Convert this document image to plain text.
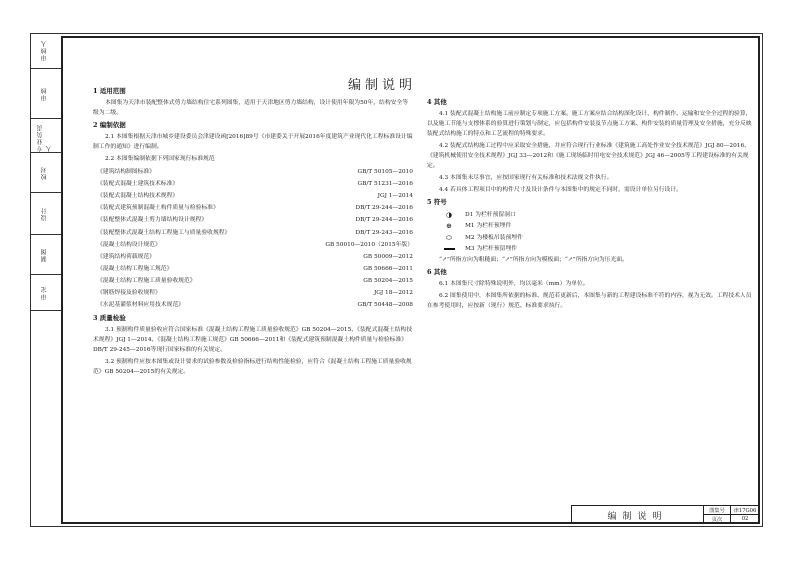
审核人
审核
专业负责人
校对
设计
制图
审定
编制说明
1 适用范围
本图集为天津市装配整体式剪力墙结构住宅系列图集，适用于天津地区剪力墙结构，设计使用年限为50年，结构安全等级为二级。
2 编制依据
2.1 本图集根据天津市城乡建设委员会津建设函[2016]89号《市建委关于开展2016年度建筑产业现代化工程标准设计编制工作的通知》进行编制。
2.2 本图集编制依据下列国家现行标准规范
《建筑结构制图标准》	GB/T 50105—2010
《装配式混凝土建筑技术标准》	GB/T 51231—2016
《装配式混凝土结构技术规程》	JGJ 1—2014
《装配式建筑预制混凝土构件质量与检验标准》	DB/T 29-244—2016
《装配整体式混凝土剪力墙结构设计规程》	DB/T 29-244—2016
《装配整体式混凝土结构工程施工与质量验收规程》	DB/T 29-243—2016
《混凝土结构设计规范》	GB 50010—2010（2015年版）
《建筑结构荷载规范》	GB 50009—2012
《混凝土结构工程施工规范》	GB 50666—2011
《混凝土结构工程施工质量验收规范》	GB 50204—2015
《钢筋焊接及验收规程》	JGJ 18—2012
《水泥基灌浆材料应用技术规范》	GB/T 50448—2008
3 质量检验
3.1 预制构件质量验收应符合国家标准《混凝土结构工程施工质量验收规范》GB 50204—2015、《装配式混凝土结构技术规程》JGJ 1—2014、《混凝土结构工程施工规范》GB 50666—2011和《装配式建筑预制混凝土构件质量与检验标准》DB/T 29-245—2016等现行国家标准的有关规定。
3.2 预制构件应按本图集或设计要求的试验参数及检验指标进行结构性能检验，应符合《混凝土结构工程施工质量验收规范》GB 50204—2015的有关规定。
4 其他
4.1 装配式混凝土结构施工前应制定专项施工方案。施工方案应结合结构深化设计、构件制作、运输和安全全过程的验算，以及施工节能与支撑体系的验算进行策划与制定，应包括构件安装及节点施工方案、构件安装的质量管理及安全措施，充分反映装配式结构施工的特点和工艺流程的特殊要求。
4.2 装配式结构施工过程中应采取安全措施，并应符合现行行业标准《建筑施工高处作业安全技术规范》JGJ 80—2016、《建筑机械使用安全技术规程》JGJ 33—2012和《施工现场临时用电安全技术规范》JGJ 46—2005等工程建设标准的有关规定。
4.3 本图集未尽事宜，应按国家现行有关标准和技术法规文件执行。
4.4 若具体工程项目中的构件尺寸及设计条件与本图集中的规定不同时，需设计单位另行设计。
5 符号
◑	D1 为栏杆预留洞口
⊕	M1 为栏杆预埋件
⬭	M2 为楼板吊装预埋件
M3 为栏杆预留埋件
“↗”所指方向为粗糙面；“↗”所指方向为模板面；“↗”所指方向为压光面。
6 其他
6.1 本图集尺寸除特殊说明外，均以毫米（mm）为单位。
6.2 图集使用中，本图集所依据的标准、规范若更新后，本图集与新的工程建设标准不符的内容，视为无效。工程技术人员在参考使用时，应按新（现行）规范、标准要求执行。
编制说明
图集号	津17G06
页次	02
